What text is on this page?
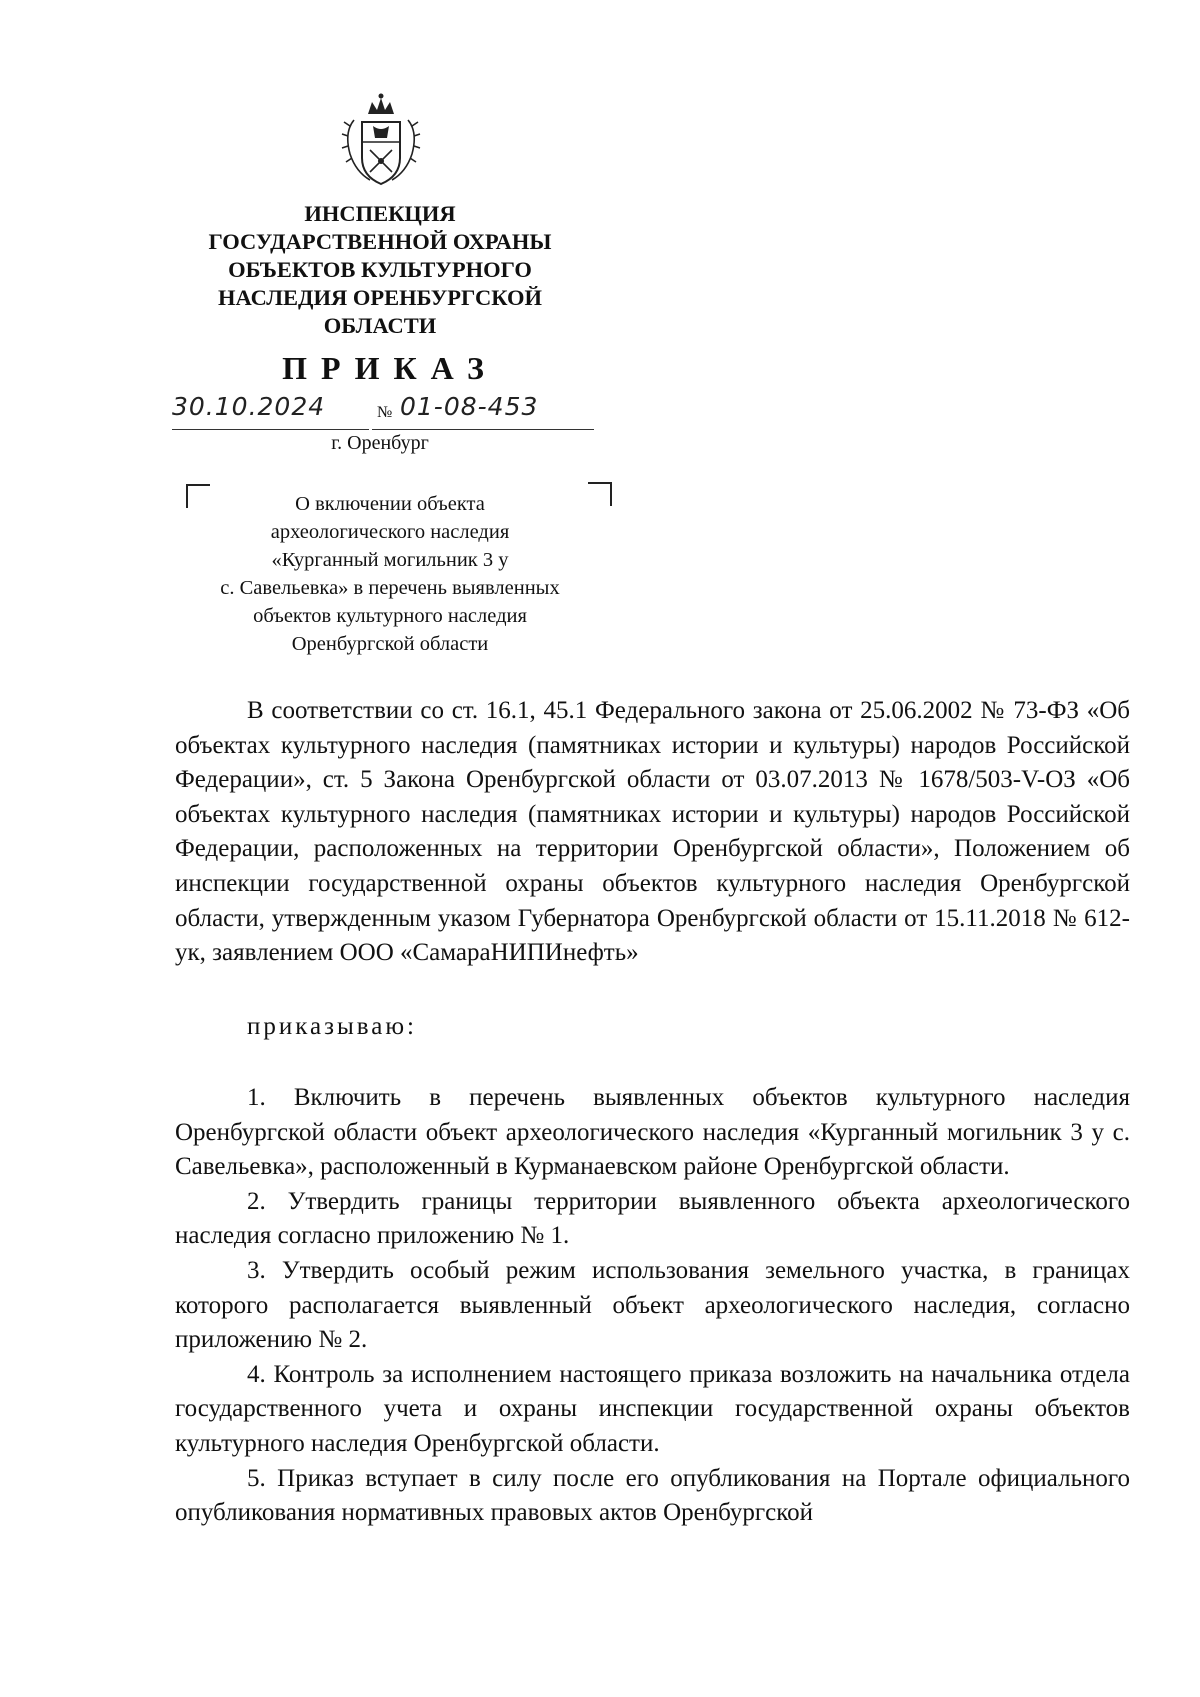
ИНСПЕКЦИЯ
ГОСУДАРСТВЕННОЙ ОХРАНЫ
ОБЪЕКТОВ КУЛЬТУРНОГО
НАСЛЕДИЯ ОРЕНБУРГСКОЙ
ОБЛАСТИ
ПРИКАЗ
30.10.2024	№ 01-08-453
г. Оренбург
О включении объекта
археологического наследия
«Курганный могильник 3 у
с. Савельевка» в перечень выявленных
объектов культурного наследия
Оренбургской области

В соответствии со ст. 16.1, 45.1 Федерального закона от 25.06.2002 № 73-ФЗ «Об объектах культурного наследия (памятниках истории и культуры) народов Российской Федерации», ст. 5 Закона Оренбургской области от 03.07.2013 № 1678/503-V-ОЗ «Об объектах культурного наследия (памятниках истории и культуры) народов Российской Федерации, расположенных на территории Оренбургской области», Положением об инспекции государственной охраны объектов культурного наследия Оренбургской области, утвержденным указом Губернатора Оренбургской области от 15.11.2018 № 612-ук, заявлением ООО «СамараНИПИнефть»

приказываю:

1. Включить в перечень выявленных объектов культурного наследия Оренбургской области объект археологического наследия «Курганный могильник 3 у с. Савельевка», расположенный в Курманаевском районе Оренбургской области.

2. Утвердить границы территории выявленного объекта археологического наследия согласно приложению № 1.

3. Утвердить особый режим использования земельного участка, в границах которого располагается выявленный объект археологического наследия, согласно приложению № 2.

4. Контроль за исполнением настоящего приказа возложить на начальника отдела государственного учета и охраны инспекции государственной охраны объектов культурного наследия Оренбургской области.

5. Приказ вступает в силу после его опубликования на Портале официального опубликования нормативных правовых актов Оренбургской
